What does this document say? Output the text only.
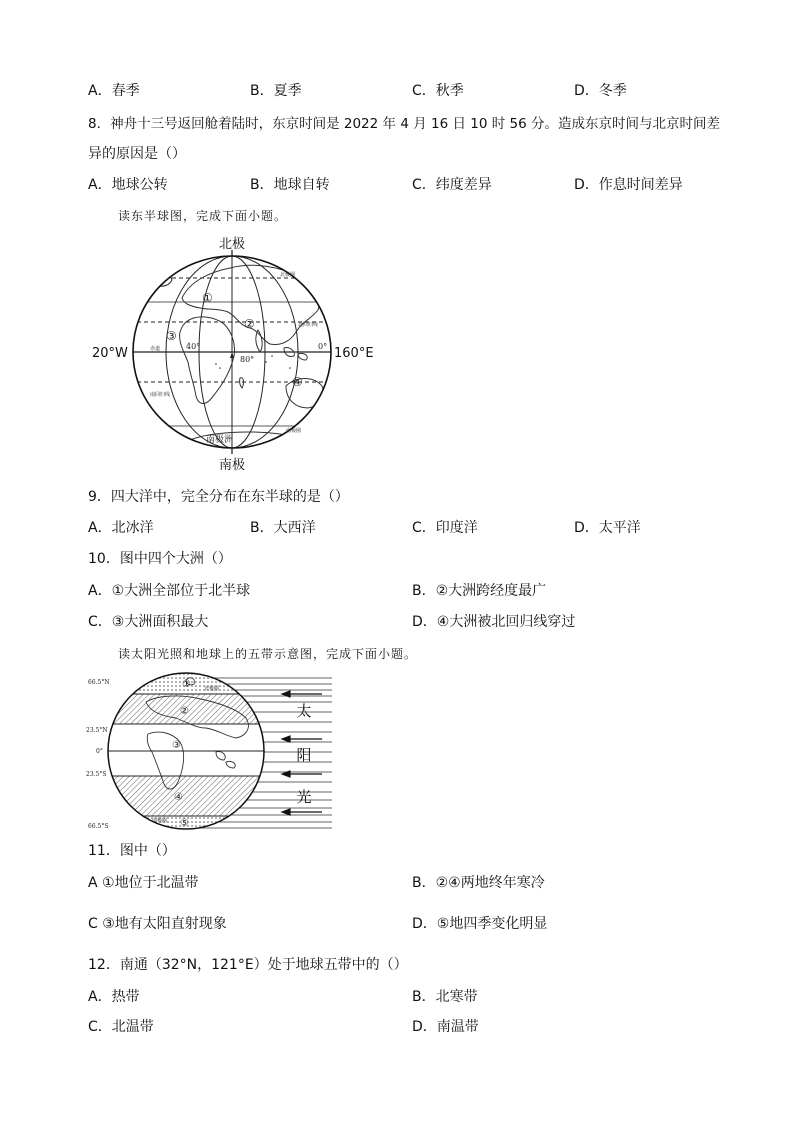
A．春季	B．夏季	C．秋季	D．冬季
8．神舟十三号返回舱着陆时，东京时间是 2022 年 4 月 16 日 10 时 56 分。造成东京时间与北京时间差
异的原因是（）
A．地球公转	B．地球自转	C．纬度差异	D．作息时间差异
读东半球图，完成下面小题。
北极
南极
20°W	160°E
40°
80°
0°
①
②
③
④
南极洲
北极圈
北回归线
赤道
南回归线
南极圈
9．四大洋中，完全分布在东半球的是（）
A．北冰洋	B．大西洋	C．印度洋	D．太平洋
10．图中四个大洲（）
A．①大洲全部位于北半球	B．②大洲跨经度最广
C．③大洲面积最大	D．④大洲被北回归线穿过
读太阳光照和地球上的五带示意图，完成下面小题。
太
阳
光
66.5°N
23.5°N
0°
23.5°S
66.5°S
北极圈
南极圈
①
②
③
④
⑤
11．图中（）
A ①地位于北温带	B．②④两地终年寒冷
C ③地有太阳直射现象	D．⑤地四季变化明显
12．南通（32°N，121°E）处于地球五带中的（）
A．热带	B．北寒带
C．北温带	D．南温带
